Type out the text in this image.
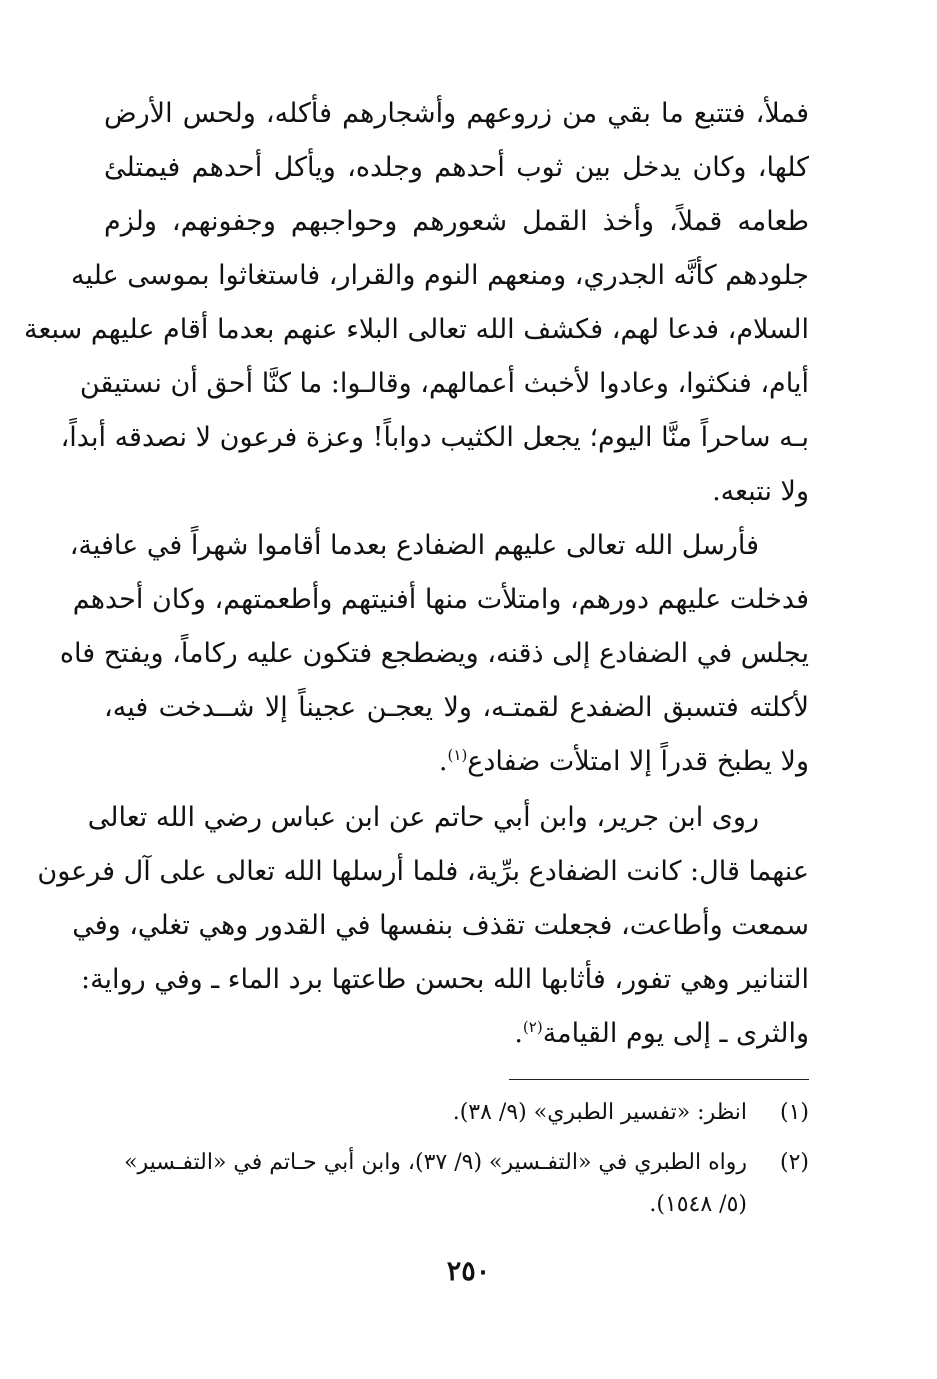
فملأ، فتتبع ما بقي من زروعهم وأشجارهم فأكله، ولحس الأرض
كلها، وكان يدخل بين ثوب أحدهم وجلده، ويأكل أحدهم فيمتلئ
طعامه قملاً، وأخذ القمل شعورهم وحواجبهم وجفونهم، ولزم
جلودهم كأنَّه الجدري، ومنعهم النوم والقرار، فاستغاثوا بموسى عليه
السلام، فدعا لهم، فكشف الله تعالى البلاء عنهم بعدما أقام عليهم سبعة
أيام، فنكثوا، وعادوا لأخبث أعمالهم، وقالـوا: ما كنَّا أحق أن نستيقن
بـه ساحراً منَّا اليوم؛ يجعل الكثيب دواباً! وعزة فرعون لا نصدقه أبداً،
ولا نتبعه.
فأرسل الله تعالى عليهم الضفادع بعدما أقاموا شهراً في عافية،
فدخلت عليهم دورهم، وامتلأت منها أفنيتهم وأطعمتهم، وكان أحدهم
يجلس في الضفادع إلى ذقنه، ويضطجع فتكون عليه ركاماً، ويفتح فاه
لأكلته فتسبق الضفدع لقمتـه، ولا يعجـن عجيناً إلا شــدخت فيه،
ولا يطبخ قدراً إلا امتلأت ضفادع$^{(١)}$.
روى ابن جرير، وابن أبي حاتم عن ابن عباس رضي الله تعالى
عنهما قال: كانت الضفادع برِّية، فلما أرسلها الله تعالى على آل فرعون
سمعت وأطاعت، فجعلت تقذف بنفسها في القدور وهي تغلي، وفي
التنانير وهي تفور، فأثابها الله بحسن طاعتها برد الماء ـ وفي رواية:
والثرى ـ إلى يوم القيامة$^{(٢)}$.
(١)انظر: «تفسير الطبري» (٩/ ٣٨).
(٢)رواه الطبري في «التفـسير» (٩/ ٣٧)، وابن أبي حـاتم في «التفـسير»
(٥/ ١٥٤٨).
٢٥٠
